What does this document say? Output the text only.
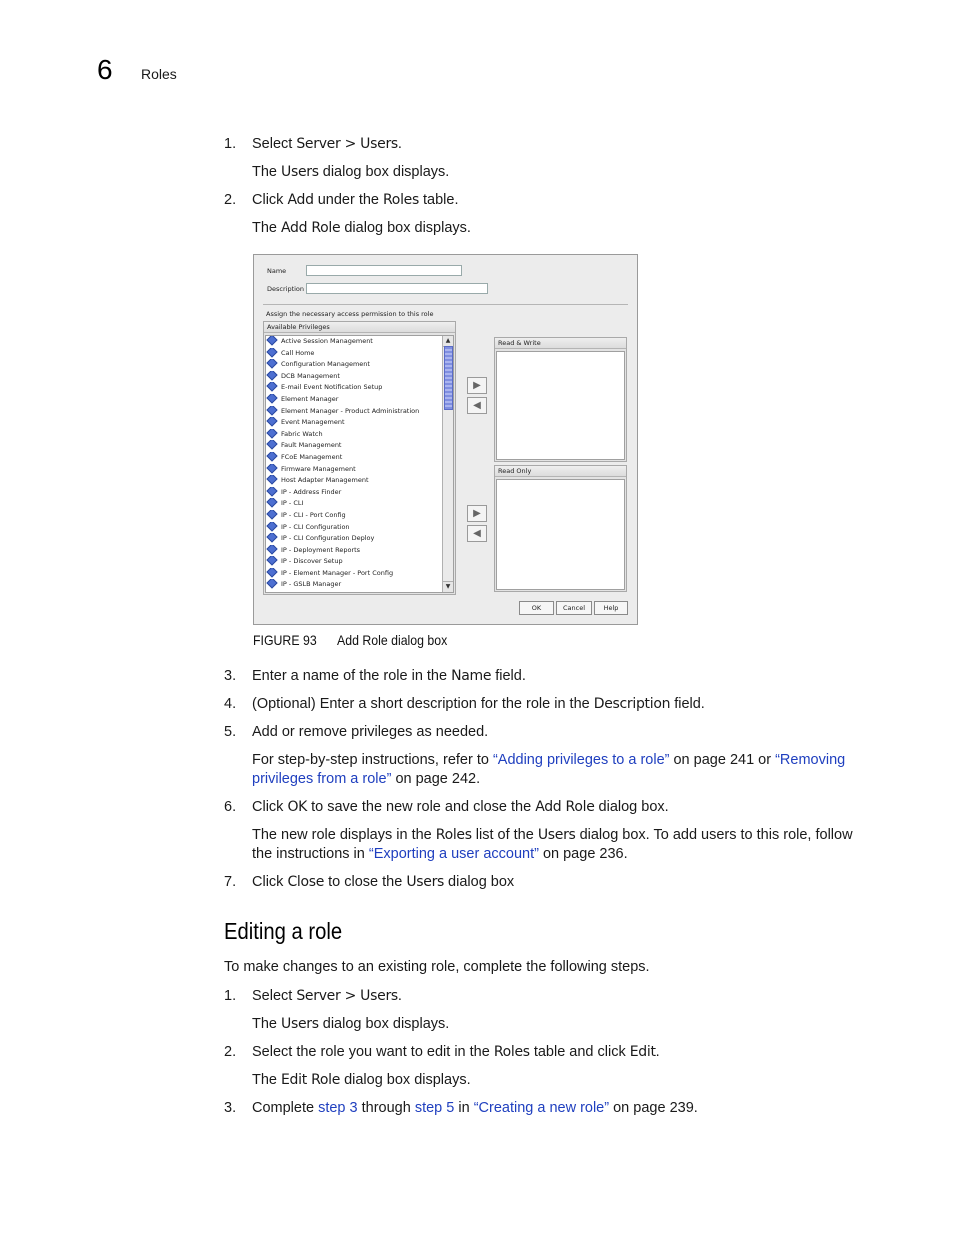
6 Roles
1. Select Server > Users.
The Users dialog box displays.
2. Click Add under the Roles table.
The Add Role dialog box displays.
Name
Description
Assign the necessary access permission to this role
Available Privileges
Active Session Management
Call Home
Configuration Management
DCB Management
E-mail Event Notification Setup
Element Manager
Element Manager - Product Administration
Event Management
Fabric Watch
Fault Management
FCoE Management
Firmware Management
Host Adapter Management
IP - Address Finder
IP - CLI
IP - CLI - Port Config
IP - CLI Configuration
IP - CLI Configuration Deploy
IP - Deployment Reports
IP - Discover Setup
IP - Element Manager - Port Config
IP - GSLB Manager
▲
▼
▶
◀
▶
◀
Read & Write
Read Only
OK	Cancel	Help
FIGURE 93 Add Role dialog box
3. Enter a name of the role in the Name field.
4. (Optional) Enter a short description for the role in the Description field.
5. Add or remove privileges as needed.
For step-by-step instructions, refer to “Adding privileges to a role” on page 241 or “Removing privileges from a role” on page 242.
6. Click OK to save the new role and close the Add Role dialog box.
The new role displays in the Roles list of the Users dialog box. To add users to this role, follow the instructions in “Exporting a user account” on page 236.
7. Click Close to close the Users dialog box
Editing a role
To make changes to an existing role, complete the following steps.
1. Select Server > Users.
The Users dialog box displays.
2. Select the role you want to edit in the Roles table and click Edit.
The Edit Role dialog box displays.
3. Complete step 3 through step 5 in “Creating a new role” on page 239.
